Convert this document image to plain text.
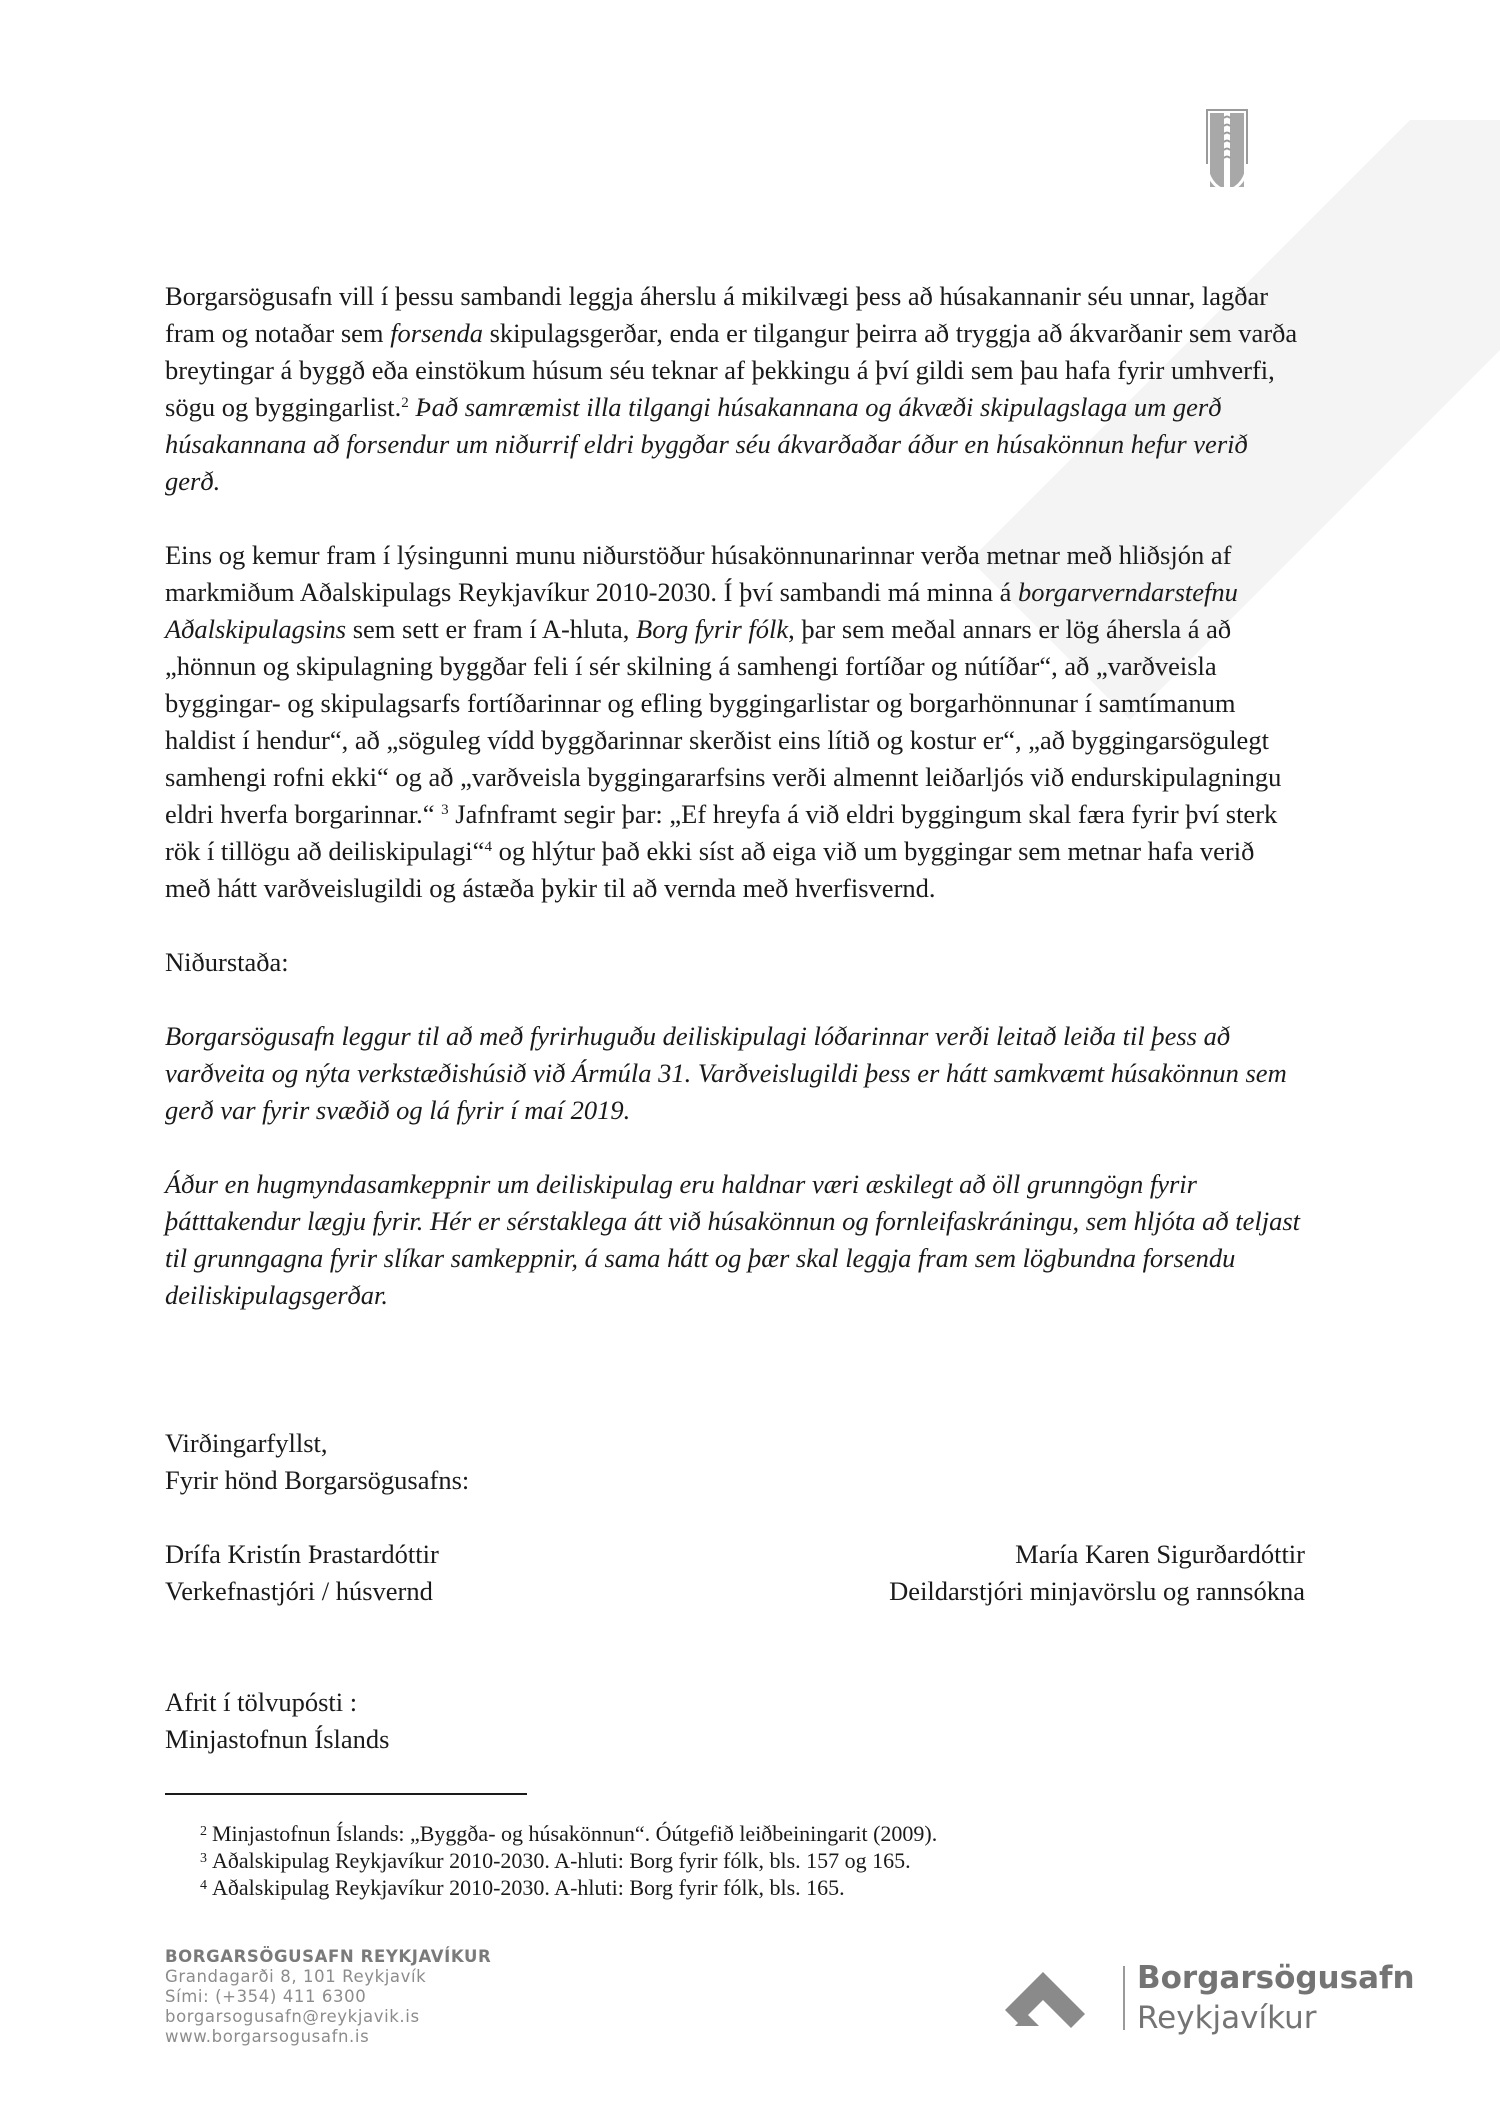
Borgarsögusafn vill í þessu sambandi leggja áherslu á mikilvægi þess að húsakannanir séu unnar, lagðar fram og notaðar sem forsenda skipulagsgerðar, enda er tilgangur þeirra að tryggja að ákvarðanir sem varða breytingar á byggð eða einstökum húsum séu teknar af þekkingu á því gildi sem þau hafa fyrir umhverfi, sögu og byggingarlist.$^2$ Það samræmist illa tilgangi húsakannana og ákvæði skipulagslaga um gerð húsakannana að forsendur um niðurrif eldri byggðar séu ákvarðaðar áður en húsakönnun hefur verið gerð.

Eins og kemur fram í lýsingunni munu niðurstöður húsakönnunarinnar verða metnar með hliðsjón af markmiðum Aðalskipulags Reykjavíkur 2010-2030. Í því sambandi má minna á borgarverndarstefnu Aðalskipulagsins sem sett er fram í A-hluta, Borg fyrir fólk, þar sem meðal annars er lög áhersla á að „hönnun og skipulagning byggðar feli í sér skilning á samhengi fortíðar og nútíðar“, að „varðveisla byggingar- og skipulagsarfs fortíðarinnar og efling byggingarlistar og borgarhönnunar í samtímanum haldist í hendur“, að „söguleg vídd byggðarinnar skerðist eins lítið og kostur er“, „að byggingarsögulegt samhengi rofni ekki“ og að „varðveisla byggingararfsins verði almennt leiðarljós við endurskipulagningu eldri hverfa borgarinnar.“ $^3$ Jafnframt segir þar: „Ef hreyfa á við eldri byggingum skal færa fyrir því sterk rök í tillögu að deiliskipulagi“$^4$ og hlýtur það ekki síst að eiga við um byggingar sem metnar hafa verið með hátt varðveislugildi og ástæða þykir til að vernda með hverfisvernd.

Niðurstaða:

Borgarsögusafn leggur til að með fyrirhuguðu deiliskipulagi lóðarinnar verði leitað leiða til þess að varðveita og nýta verkstæðishúsið við Ármúla 31. Varðveislugildi þess er hátt samkvæmt húsakönnun sem gerð var fyrir svæðið og lá fyrir í maí 2019.

Áður en hugmyndasamkeppnir um deiliskipulag eru haldnar væri æskilegt að öll grunngögn fyrir þátttakendur lægju fyrir. Hér er sérstaklega átt við húsakönnun og fornleifaskráningu, sem hljóta að teljast til grunngagna fyrir slíkar samkeppnir, á sama hátt og þær skal leggja fram sem lögbundna forsendu deiliskipulagsgerðar.

Virðingarfyllst,

Fyrir hönd Borgarsögusafns:

Drífa Kristín Þrastardóttir

Verkefnastjóri / húsvernd

María Karen Sigurðardóttir

Deildarstjóri minjavörslu og rannsókna

Afrit í tölvupósti :

Minjastofnun Íslands

$^2$ Minjastofnun Íslands: „Byggða- og húsakönnun“. Óútgefið leiðbeiningarit (2009).

$^3$ Aðalskipulag Reykjavíkur 2010-2030. A-hluti: Borg fyrir fólk, bls. 157 og 165.

$^4$ Aðalskipulag Reykjavíkur 2010-2030. A-hluti: Borg fyrir fólk, bls. 165.

BORGARSÖGUSAFN REYKJAVÍKUR
Grandagarði 8, 101 Reykjavík
Sími: (+354) 411 6300
borgarsogusafn@reykjavik.is
www.borgarsogusafn.is
Borgarsögusafn
Reykjavíkur
